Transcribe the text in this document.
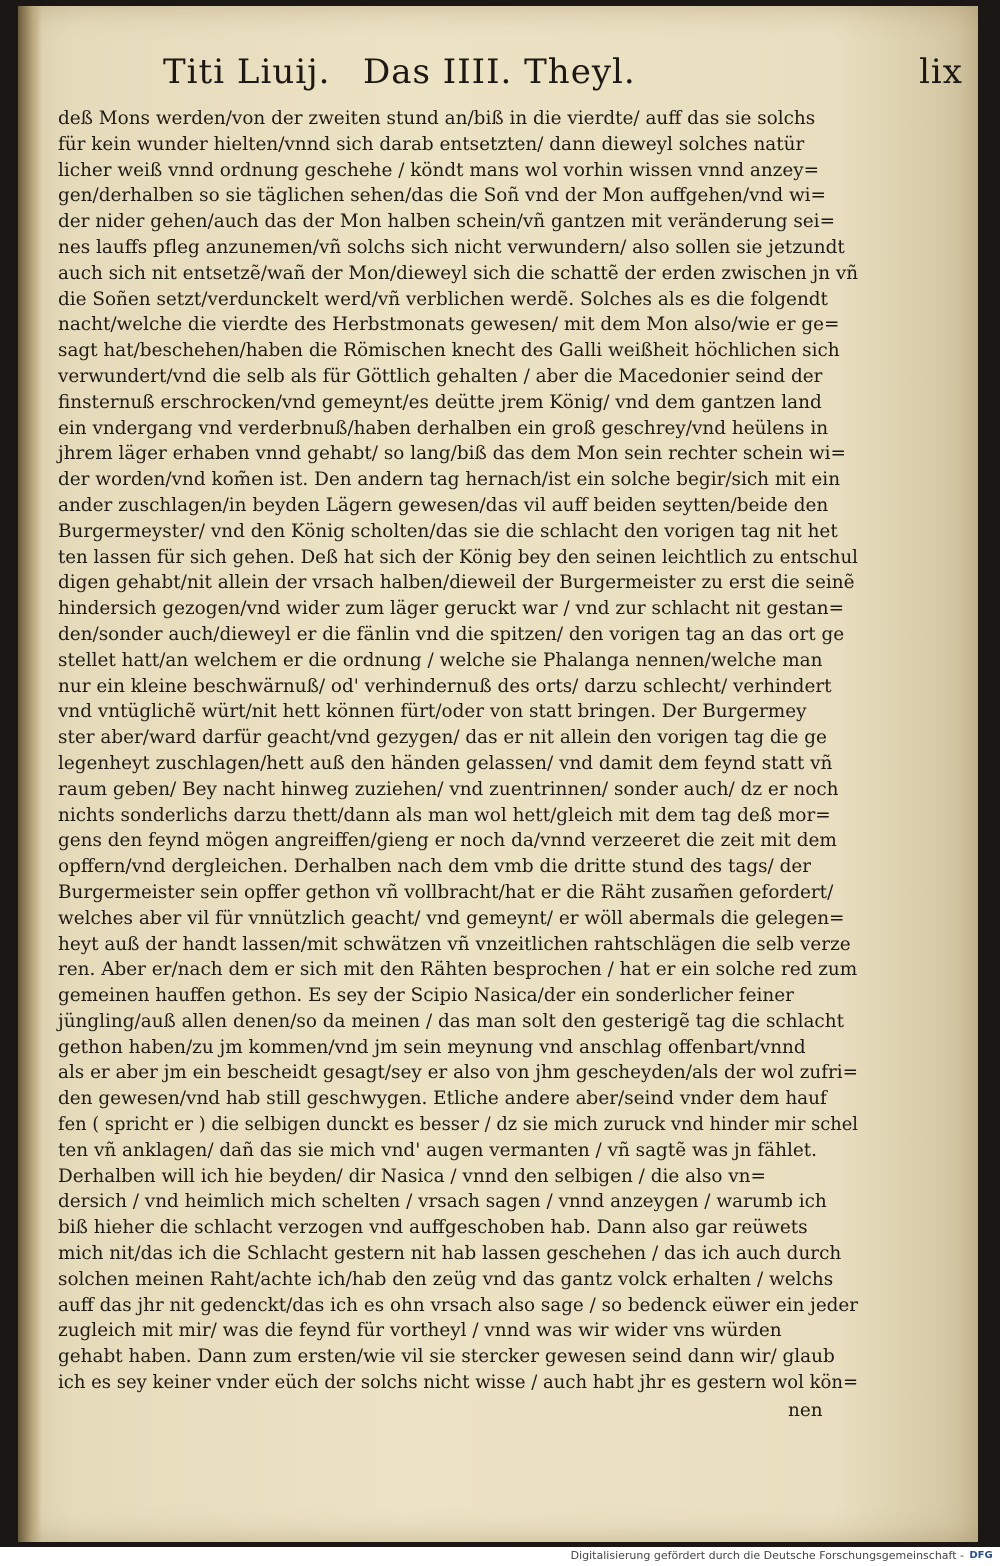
Titi Liuij. Das IIII. Theyl.	lix
deß Mons werden/von der zweiten stund an/biß in die vierdte/ auff das sie solchs
für kein wunder hielten/vnnd sich darab entsetzten/ dann dieweyl solches natür
licher weiß vnnd ordnung geschehe / köndt mans wol vorhin wissen vnnd anzey=
gen/derhalben so sie täglichen sehen/das die Soñ vnd der Mon auffgehen/vnd wi=
der nider gehen/auch das der Mon halben schein/vñ gantzen mit veränderung sei=
nes lauffs pfleg anzunemen/vñ solchs sich nicht verwundern/ also sollen sie jetzundt
auch sich nit entsetzẽ/wañ der Mon/dieweyl sich die schattẽ der erden zwischen jn vñ
die Soñen setzt/verdunckelt werd/vñ verblichen werdẽ. Solches als es die folgendt
nacht/welche die vierdte des Herbstmonats gewesen/ mit dem Mon also/wie er ge=
sagt hat/beschehen/haben die Römischen knecht des Galli weißheit höchlichen sich
verwundert/vnd die selb als für Göttlich gehalten / aber die Macedonier seind der
finsternuß erschrocken/vnd gemeynt/es deütte jrem König/ vnd dem gantzen land
ein vndergang vnd verderbnuß/haben derhalben ein groß geschrey/vnd heülens in
jhrem läger erhaben vnnd gehabt/ so lang/biß das dem Mon sein rechter schein wi=
der worden/vnd kom̃en ist. Den andern tag hernach/ist ein solche begir/sich mit ein
ander zuschlagen/in beyden Lägern gewesen/das vil auff beiden seytten/beide den
Burgermeyster/ vnd den König scholten/das sie die schlacht den vorigen tag nit het
ten lassen für sich gehen. Deß hat sich der König bey den seinen leichtlich zu entschul
digen gehabt/nit allein der vrsach halben/dieweil der Burgermeister zu erst die seinẽ
hindersich gezogen/vnd wider zum läger geruckt war / vnd zur schlacht nit gestan=
den/sonder auch/dieweyl er die fänlin vnd die spitzen/ den vorigen tag an das ort ge
stellet hatt/an welchem er die ordnung / welche sie Phalanga nennen/welche man
nur ein kleine beschwärnuß/ od' verhindernuß des orts/ darzu schlecht/ verhindert
vnd vntüglichẽ würt/nit hett können fürt/oder von statt bringen. Der Burgermey
ster aber/ward darfür geacht/vnd gezygen/ das er nit allein den vorigen tag die ge
legenheyt zuschlagen/hett auß den händen gelassen/ vnd damit dem feynd statt vñ
raum geben/ Bey nacht hinweg zuziehen/ vnd zuentrinnen/ sonder auch/ dz er noch
nichts sonderlichs darzu thett/dann als man wol hett/gleich mit dem tag deß mor=
gens den feynd mögen angreiffen/gieng er noch da/vnnd verzeeret die zeit mit dem
opffern/vnd dergleichen. Derhalben nach dem vmb die dritte stund des tags/ der
Burgermeister sein opffer gethon vñ vollbracht/hat er die Räht zusam̃en gefordert/
welches aber vil für vnnützlich geacht/ vnd gemeynt/ er wöll abermals die gelegen=
heyt auß der handt lassen/mit schwätzen vñ vnzeitlichen rahtschlägen die selb verze
ren. Aber er/nach dem er sich mit den Rähten besprochen / hat er ein solche red zum
gemeinen hauffen gethon. Es sey der Scipio Nasica/der ein sonderlicher feiner
jüngling/auß allen denen/so da meinen / das man solt den gesterigẽ tag die schlacht
gethon haben/zu jm kommen/vnd jm sein meynung vnd anschlag offenbart/vnnd
als er aber jm ein bescheidt gesagt/sey er also von jhm gescheyden/als der wol zufri=
den gewesen/vnd hab still geschwygen. Etliche andere aber/seind vnder dem hauf
fen ( spricht er ) die selbigen dunckt es besser / dz sie mich zuruck vnd hinder mir schel
ten vñ anklagen/ dañ das sie mich vnd' augen vermanten / vñ sagtẽ was jn fählet.
Derhalben will ich hie beyden/ dir Nasica / vnnd den selbigen / die also vn=
dersich / vnd heimlich mich schelten / vrsach sagen / vnnd anzeygen / warumb ich
biß hieher die schlacht verzogen vnd auffgeschoben hab. Dann also gar reüwets
mich nit/das ich die Schlacht gestern nit hab lassen geschehen / das ich auch durch
solchen meinen Raht/achte ich/hab den zeüg vnd das gantz volck erhalten / welchs
auff das jhr nit gedenckt/das ich es ohn vrsach also sage / so bedenck eüwer ein jeder
zugleich mit mir/ was die feynd für vortheyl / vnnd was wir wider vns würden
gehabt haben. Dann zum ersten/wie vil sie stercker gewesen seind dann wir/ glaub
ich es sey keiner vnder eüch der solchs nicht wisse / auch habt jhr es gestern wol kön=
nen
Digitalisierung gefördert durch die Deutsche Forschungsgemeinschaft - DFG
